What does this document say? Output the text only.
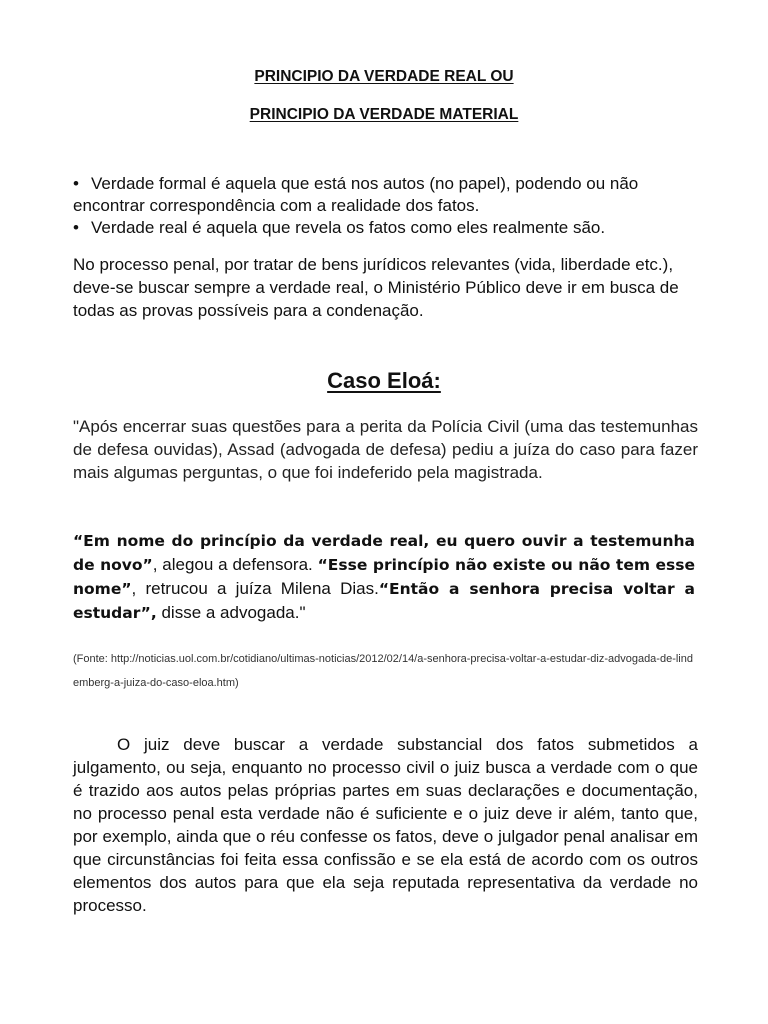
PRINCIPIO DA VERDADE REAL OU

PRINCIPIO DA VERDADE MATERIAL

• Verdade formal é aquela que está nos autos (no papel), podendo ou não encontrar correspondência com a realidade dos fatos.
• Verdade real é aquela que revela os fatos como eles realmente são.

No processo penal, por tratar de bens jurídicos relevantes (vida, liberdade etc.), deve-se buscar sempre a verdade real, o Ministério Público deve ir em busca de todas as provas possíveis para a condenação.

Caso Eloá:

"Após encerrar suas questões para a perita da Polícia Civil (uma das testemunhas de defesa ouvidas), Assad (advogada de defesa) pediu a juíza do caso para fazer mais algumas perguntas, o que foi indeferido pela magistrada.

“Em nome do princípio da verdade real, eu quero ouvir a testemunha de novo”, alegou a defensora. “Esse princípio não existe ou não tem esse nome”, retrucou a juíza Milena Dias.“Então a senhora precisa voltar a estudar”, disse a advogada."

(Fonte: http://noticias.uol.com.br/cotidiano/ultimas-noticias/2012/02/14/a-senhora-precisa-voltar-a-estudar-diz-advogada-de-lindemberg-a-juiza-do-caso-eloa.htm)

O juiz deve buscar a verdade substancial dos fatos submetidos a julgamento, ou seja, enquanto no processo civil o juiz busca a verdade com o que é trazido aos autos pelas próprias partes em suas declarações e documentação, no processo penal esta verdade não é suficiente e o juiz deve ir além, tanto que, por exemplo, ainda que o réu confesse os fatos, deve o julgador penal analisar em que circunstâncias foi feita essa confissão e se ela está de acordo com os outros elementos dos autos para que ela seja reputada representativa da verdade no processo.
